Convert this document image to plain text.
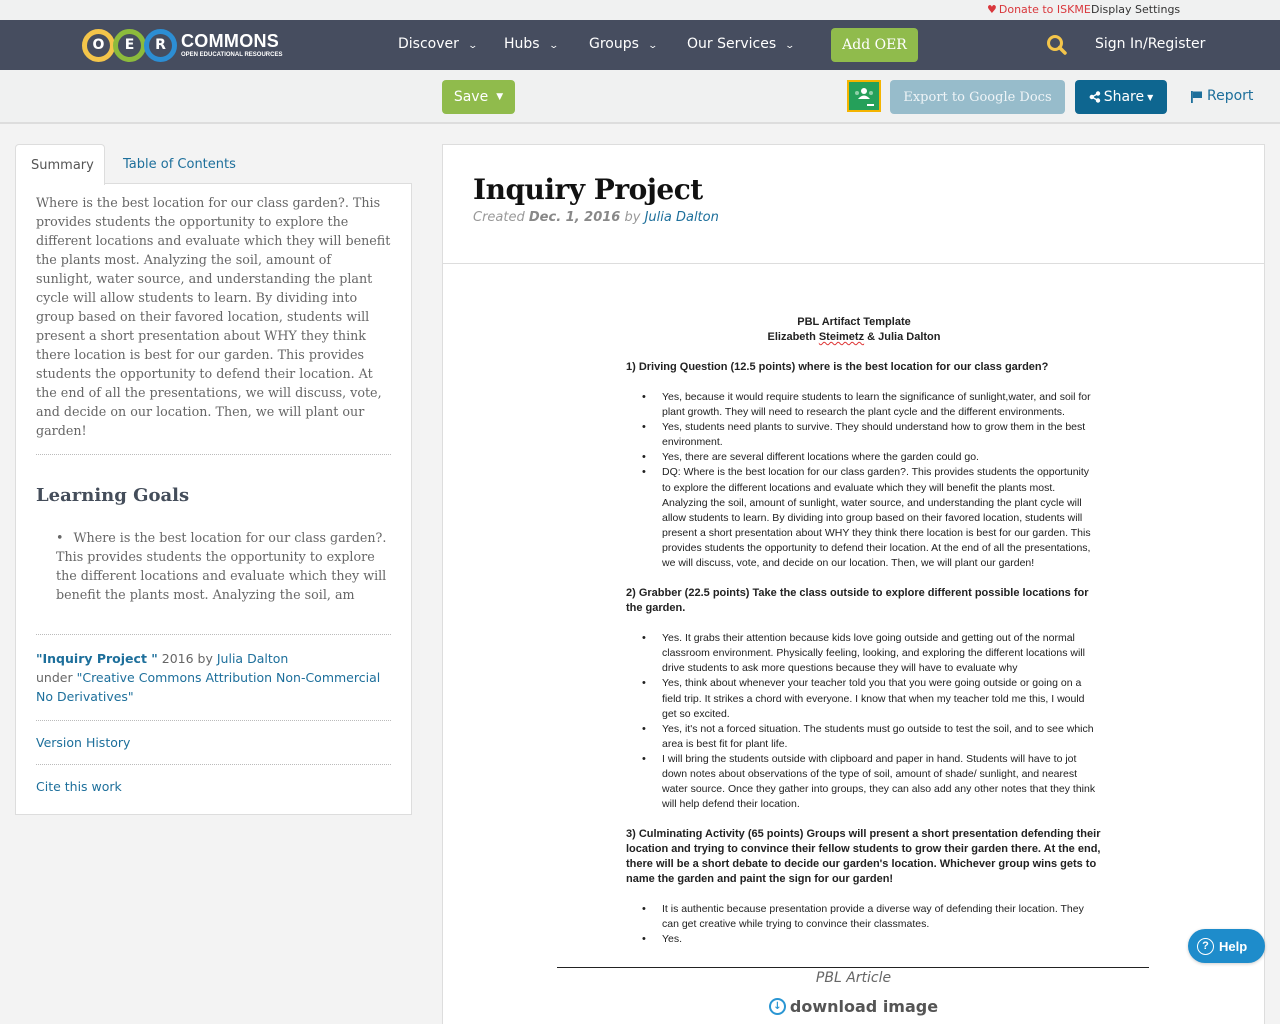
♥ Donate to ISKME Display Settings
O	E	R COMMONS
OPEN EDUCATIONAL RESOURCES
Discover ⌄ Hubs ⌄ Groups ⌄ Our Services ⌄	Add OER	Sign In/Register
Save ▼	Export to Google Docs	Share ▼	Report
Summary	Table of Contents

Where is the best location for our class garden?. This provides students the opportunity to explore the different locations and evaluate which they will benefit the plants most. Analyzing the soil, amount of sunlight, water source, and understanding the plant cycle will allow students to learn. By dividing into group based on their favored location, students will present a short presentation about WHY they think there location is best for our garden. This provides students the opportunity to defend their location. At the end of all the presentations, we will discuss, vote, and decide on our location. Then, we will plant our garden!

Learning Goals
• Where is the best location for our class garden?. This provides students the opportunity to explore the different locations and evaluate which they will benefit the plants most. Analyzing the soil, am
"Inquiry Project " 2016 by Julia Dalton
under "Creative Commons Attribution Non-Commercial No Derivatives"
Version History
Cite this work
Inquiry Project
Created Dec. 1, 2016 by Julia Dalton
PBL Artifact Template
Elizabeth Steimetz & Julia Dalton
1) Driving Question (12.5 points) where is the best location for our class garden?
• Yes, because it would require students to learn the significance of sunlight,water, and soil for plant growth. They will need to research the plant cycle and the different environments.
• Yes, students need plants to survive. They should understand how to grow them in the best environment.
• Yes, there are several different locations where the garden could go.
• DQ: Where is the best location for our class garden?. This provides students the opportunity to explore the different locations and evaluate which they will benefit the plants most. Analyzing the soil, amount of sunlight, water source, and understanding the plant cycle will allow students to learn. By dividing into group based on their favored location, students will present a short presentation about WHY they think there location is best for our garden. This provides students the opportunity to defend their location. At the end of all the presentations, we will discuss, vote, and decide on our location. Then, we will plant our garden!
2) Grabber (22.5 points) Take the class outside to explore different possible locations for the garden.
• Yes. It grabs their attention because kids love going outside and getting out of the normal classroom environment. Physically feeling, looking, and exploring the different locations will drive students to ask more questions because they will have to evaluate why
• Yes, think about whenever your teacher told you that you were going outside or going on a field trip. It strikes a chord with everyone. I know that when my teacher told me this, I would get so excited.
• Yes, it's not a forced situation. The students must go outside to test the soil, and to see which area is best fit for plant life.
• I will bring the students outside with clipboard and paper in hand. Students will have to jot down notes about observations of the type of soil, amount of shade/ sunlight, and nearest water source. Once they gather into groups, they can also add any other notes that they think will help defend their location.
3) Culminating Activity (65 points) Groups will present a short presentation defending their location and trying to convince their fellow students to grow their garden there. At the end, there will be a short debate to decide our garden's location. Whichever group wins gets to name the garden and paint the sign for our garden!
• It is authentic because presentation provide a diverse way of defending their location. They can get creative while trying to convince their classmates.
• Yes.
PBL Article
↓ download image
? Help
